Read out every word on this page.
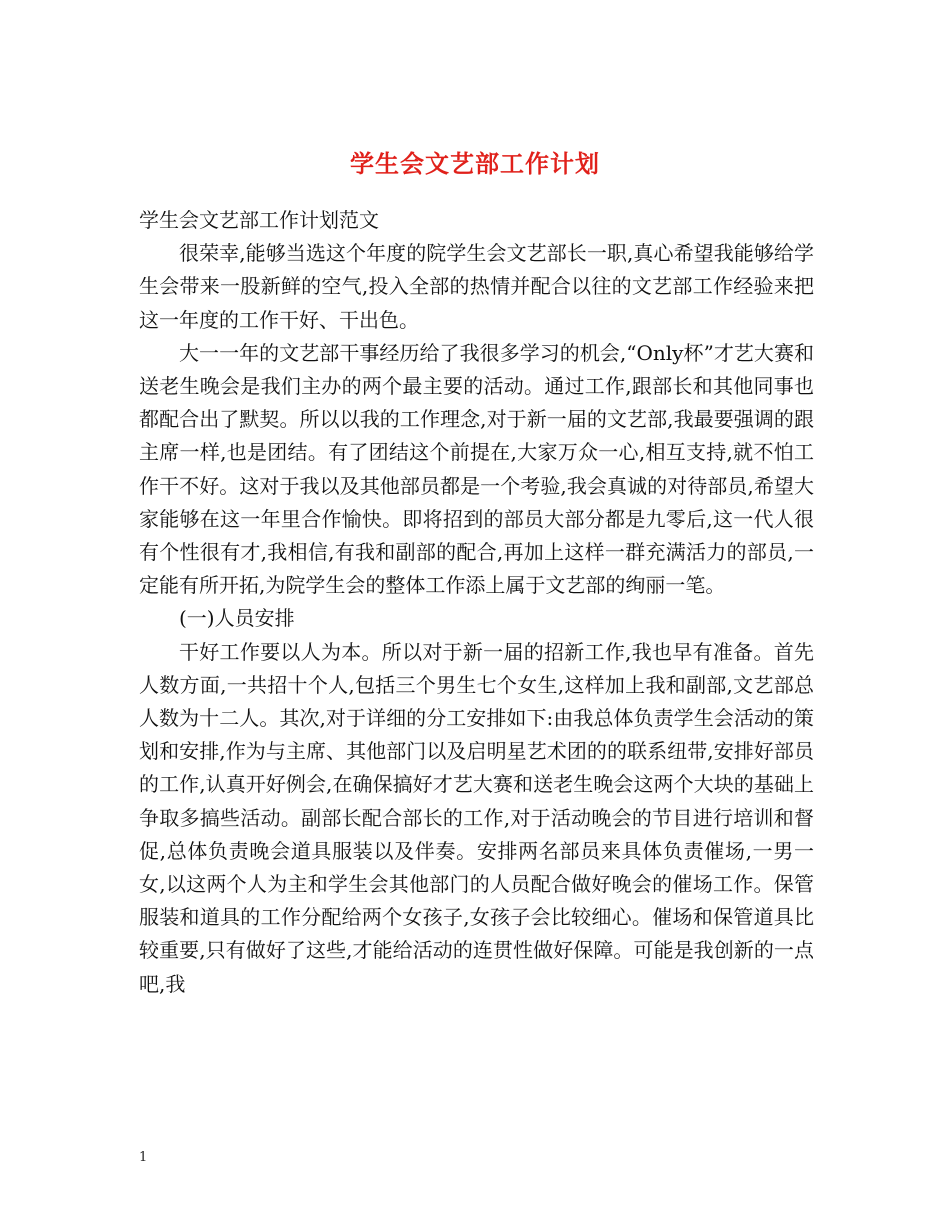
学生会文艺部工作计划

学生会文艺部工作计划范文

很荣幸,能够当选这个年度的院学生会文艺部长一职,真心希望我能够给学生会带来一股新鲜的空气,投入全部的热情并配合以往的文艺部工作经验来把这一年度的工作干好、干出色。

大一一年的文艺部干事经历给了我很多学习的机会,“Only杯”才艺大赛和送老生晚会是我们主办的两个最主要的活动。通过工作,跟部长和其他同事也都配合出了默契。所以以我的工作理念,对于新一届的文艺部,我最要强调的跟主席一样,也是团结。有了团结这个前提在,大家万众一心,相互支持,就不怕工作干不好。这对于我以及其他部员都是一个考验,我会真诚的对待部员,希望大家能够在这一年里合作愉快。即将招到的部员大部分都是九零后,这一代人很有个性很有才,我相信,有我和副部的配合,再加上这样一群充满活力的部员,一定能有所开拓,为院学生会的整体工作添上属于文艺部的绚丽一笔。

(一)人员安排

干好工作要以人为本。所以对于新一届的招新工作,我也早有准备。首先人数方面,一共招十个人,包括三个男生七个女生,这样加上我和副部,文艺部总人数为十二人。其次,对于详细的分工安排如下:由我总体负责学生会活动的策划和安排,作为与主席、其他部门以及启明星艺术团的的联系纽带,安排好部员的工作,认真开好例会,在确保搞好才艺大赛和送老生晚会这两个大块的基础上争取多搞些活动。副部长配合部长的工作,对于活动晚会的节目进行培训和督促,总体负责晚会道具服装以及伴奏。安排两名部员来具体负责催场,一男一女,以这两个人为主和学生会其他部门的人员配合做好晚会的催场工作。保管服装和道具的工作分配给两个女孩子,女孩子会比较细心。催场和保管道具比较重要,只有做好了这些,才能给活动的连贯性做好保障。可能是我创新的一点吧,我

1
